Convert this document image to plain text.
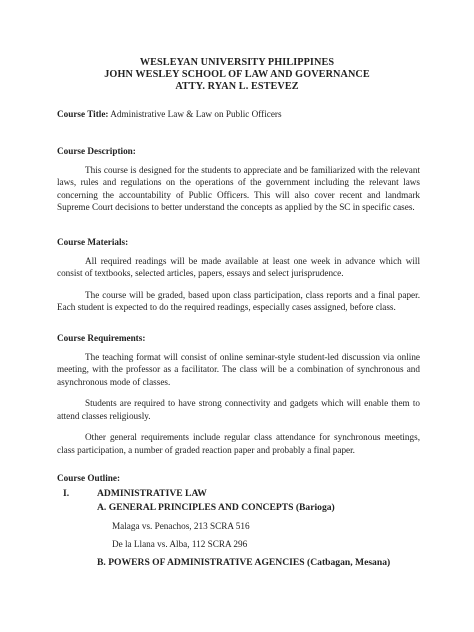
WESLEYAN UNIVERSITY PHILIPPINES
JOHN WESLEY SCHOOL OF LAW AND GOVERNANCE
ATTY. RYAN L. ESTEVEZ
Course Title: Administrative Law & Law on Public Officers
Course Description:

This course is designed for the students to appreciate and be familiarized with the relevant laws, rules and regulations on the operations of the government including the relevant laws concerning the accountability of Public Officers. This will also cover recent and landmark Supreme Court decisions to better understand the concepts as applied by the SC in specific cases.

Course Materials:

All required readings will be made available at least one week in advance which will consist of textbooks, selected articles, papers, essays and select jurisprudence.

The course will be graded, based upon class participation, class reports and a final paper. Each student is expected to do the required readings, especially cases assigned, before class.

Course Requirements:

The teaching format will consist of online seminar-style student-led discussion via online meeting, with the professor as a facilitator. The class will be a combination of synchronous and asynchronous mode of classes.

Students are required to have strong connectivity and gadgets which will enable them to attend classes religiously.

Other general requirements include regular class attendance for synchronous meetings, class participation, a number of graded reaction paper and probably a final paper.

Course Outline:
I.	ADMINISTRATIVE LAW
A. GENERAL PRINCIPLES AND CONCEPTS (Barioga)
Malaga vs. Penachos, 213 SCRA 516
De la Llana vs. Alba, 112 SCRA 296
B. POWERS OF ADMINISTRATIVE AGENCIES (Catbagan, Mesana)
